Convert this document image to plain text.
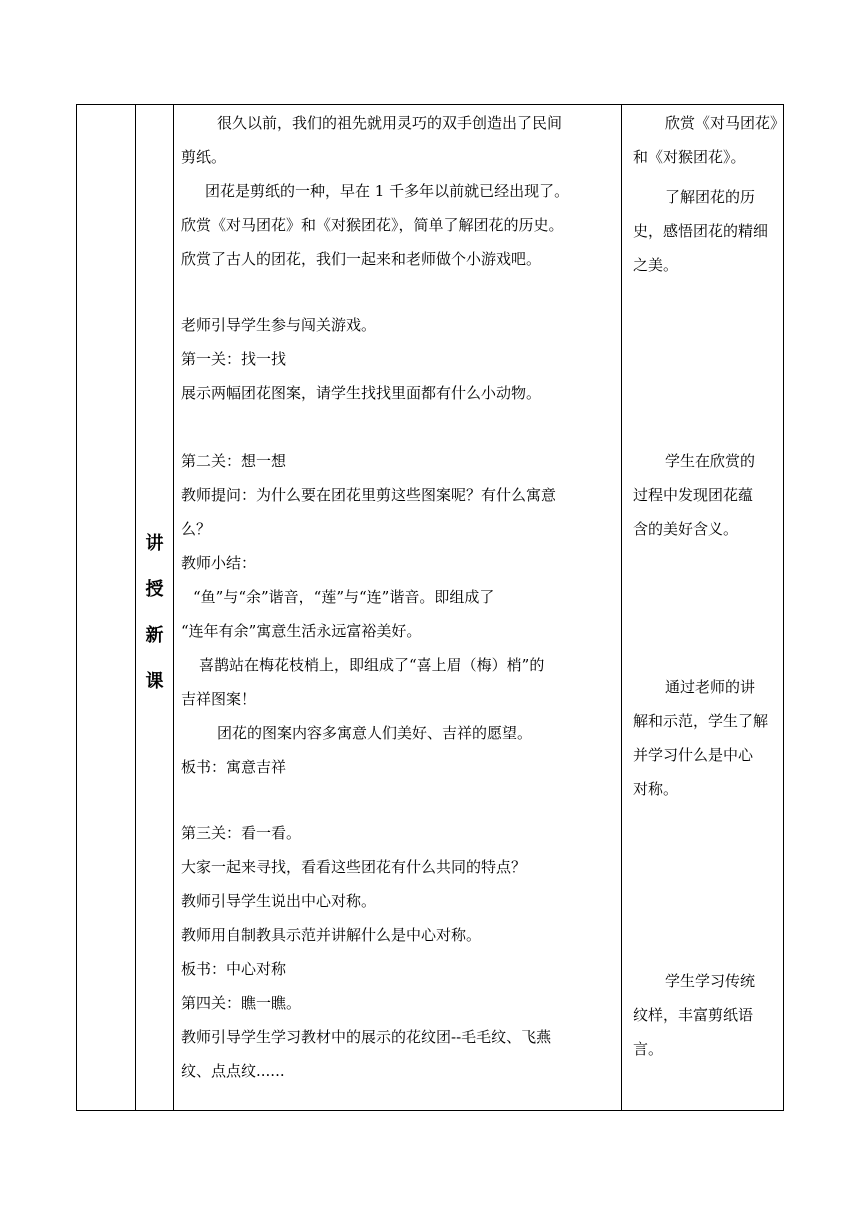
讲
授
新
课
很久以前，我们的祖先就用灵巧的双手创造出了民间
剪纸。
团花是剪纸的一种，早在 1 千多年以前就已经出现了。
欣赏《对马团花》和《对猴团花》，简单了解团花的历史。
欣赏了古人的团花，我们一起来和老师做个小游戏吧。
老师引导学生参与闯关游戏。
第一关：找一找
展示两幅团花图案，请学生找找里面都有什么小动物。
第二关：想一想
教师提问：为什么要在团花里剪这些图案呢？有什么寓意
么？
教师小结：
“鱼”与“余”谐音，“莲”与“连”谐音。即组成了
“连年有余”寓意生活永远富裕美好。
喜鹊站在梅花枝梢上，即组成了“喜上眉（梅）梢”的
吉祥图案！
团花的图案内容多寓意人们美好、吉祥的愿望。
板书：寓意吉祥
第三关：看一看。
大家一起来寻找，看看这些团花有什么共同的特点？
教师引导学生说出中心对称。
教师用自制教具示范并讲解什么是中心对称。
板书：中心对称
第四关：瞧一瞧。
教师引导学生学习教材中的展示的花纹团--毛毛纹、飞燕
纹、点点纹......
欣赏《对马团花》
和《对猴团花》。
了解团花的历
史，感悟团花的精细
之美。
学生在欣赏的
过程中发现团花蕴
含的美好含义。
通过老师的讲
解和示范，学生了解
并学习什么是中心
对称。
学生学习传统
纹样，丰富剪纸语
言。
